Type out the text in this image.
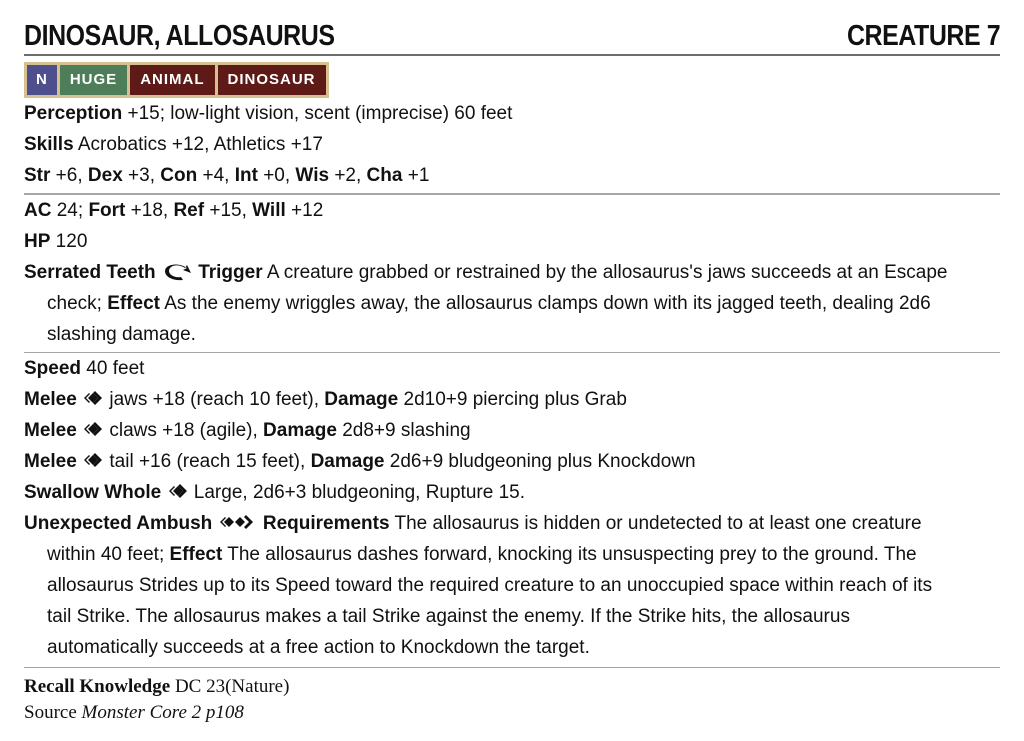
DINOSAUR, ALLOSAURUS	CREATURE 7
N	HUGE	ANIMAL	DINOSAUR
Perception +15; low-light vision, scent (imprecise) 60 feet
Skills Acrobatics +12, Athletics +17
Str +6, Dex +3, Con +4, Int +0, Wis +2, Cha +1
AC 24; Fort +18, Ref +15, Will +12
HP 120
Serrated Teeth Trigger A creature grabbed or restrained by the allosaurus's jaws succeeds at an Escape
check; Effect As the enemy wriggles away, the allosaurus clamps down with its jagged teeth, dealing 2d6
slashing damage.
Speed 40 feet
Melee  jaws +18 (reach 10 feet), Damage 2d10+9 piercing plus Grab
Melee  claws +18 (agile), Damage 2d8+9 slashing
Melee  tail +16 (reach 15 feet), Damage 2d6+9 bludgeoning plus Knockdown
Swallow Whole  Large, 2d6+3 bludgeoning, Rupture 15.
Unexpected Ambush	Requirements The allosaurus is hidden or undetected to at least one creature
within 40 feet; Effect The allosaurus dashes forward, knocking its unsuspecting prey to the ground. The
allosaurus Strides up to its Speed toward the required creature to an unoccupied space within reach of its
tail Strike. The allosaurus makes a tail Strike against the enemy. If the Strike hits, the allosaurus
automatically succeeds at a free action to Knockdown the target.
Recall Knowledge DC 23(Nature)
Source Monster Core 2 p108
